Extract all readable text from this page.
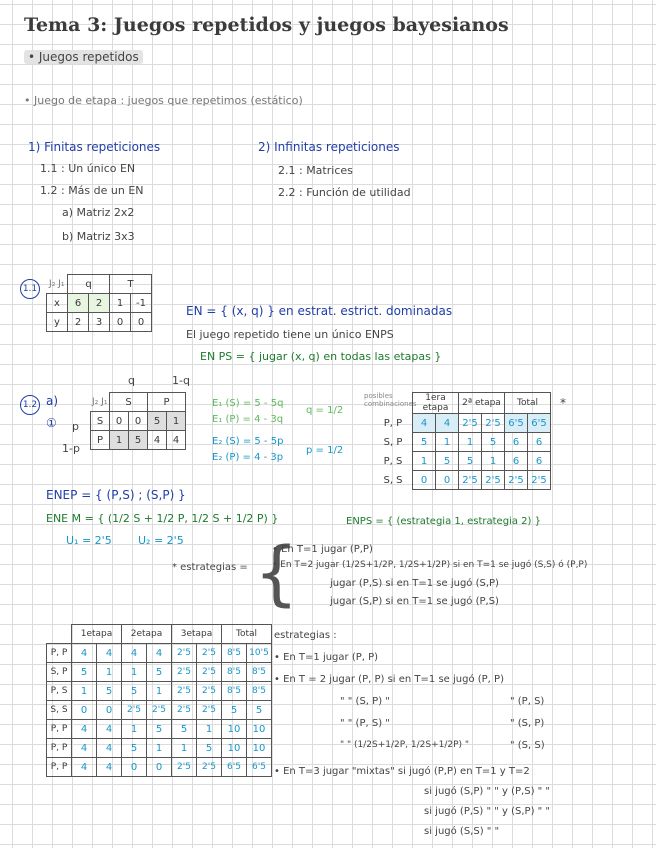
Tema 3: Juegos repetidos y juegos bayesianos
• Juegos repetidos
• Juego de etapa : juegos que repetimos (estático)
1) Finitas repeticiones
1.1 : Un único EN
1.2 : Más de un EN
a) Matriz 2x2
b) Matriz 3x3
2) Infinitas repeticiones
2.1 : Matrices
2.2 : Función de utilidad
1.1	J₂ J₁	q		T	
x	6	2	1	-1
y	2	3	0	0
EN = { (x, q) } en estrat. estrict. dominadas
El juego repetido tiene un único ENPS
EN PS = { jugar (x, q) en todas las etapas }
1.2 a)
①
q	1-q
p
1-p
J₂ J₁	S		P	
S	0	0	5	1
P	1	5	4	4
E₁ (S) = 5 - 5q
E₁ (P) = 4 - 3q
q = 1/2
E₂ (S) = 5 - 5p
E₂ (P) = 4 - 3p
p = 1/2
ENEP = { (P,S) ; (S,P) }
ENE M = { (1/2 S + 1/2 P, 1/2 S + 1/2 P) }
U₁ = 2'5 U₂ = 2'5
ENPS = { (estrategia 1, estrategia 2) }
posibles combinaciones	*
	1era etapa		2ª etapa		Total	
P, P	4	4	2'5	2'5	6'5	6'5
S, P	5	1	1	5	6	6
P, S	1	5	5	1	6	6
S, S	0	0	2'5	2'5	2'5	2'5
* estrategias = {
• En T=1 jugar (P,P)
• En T=2 jugar (1/2S+1/2P, 1/2S+1/2P) si en T=1 se jugó (S,S) ó (P,P)
jugar (P,S) si en T=1 se jugó (S,P)
jugar (S,P) si en T=1 se jugó (P,S)
	1etapa		2etapa		3etapa		Total	
P, P	4	4	4	4	2'5	2'5	8'5	10'5
S, P	5	1	1	5	2'5	2'5	8'5	8'5
P, S	1	5	5	1	2'5	2'5	8'5	8'5
S, S	0	0	2'5	2'5	2'5	2'5	5	5
P, P	4	4	1	5	5	1	10	10
P, P	4	4	5	1	1	5	10	10
P, P	4	4	0	0	2'5	2'5	6'5	6'5
estrategias :
• En T=1 jugar (P, P)
• En T = 2 jugar (P, P) si en T=1 se jugó (P, P)
" " (S, P) "	" (P, S)
" " (P, S) "	" (S, P)
" " (1/2S+1/2P, 1/2S+1/2P) "	" (S, S)
• En T=3 jugar "mixtas" si jugó (P,P) en T=1 y T=2
si jugó (S,P) " " y (P,S) " "
si jugó (P,S) " " y (S,P) " "
si jugó (S,S) " "
